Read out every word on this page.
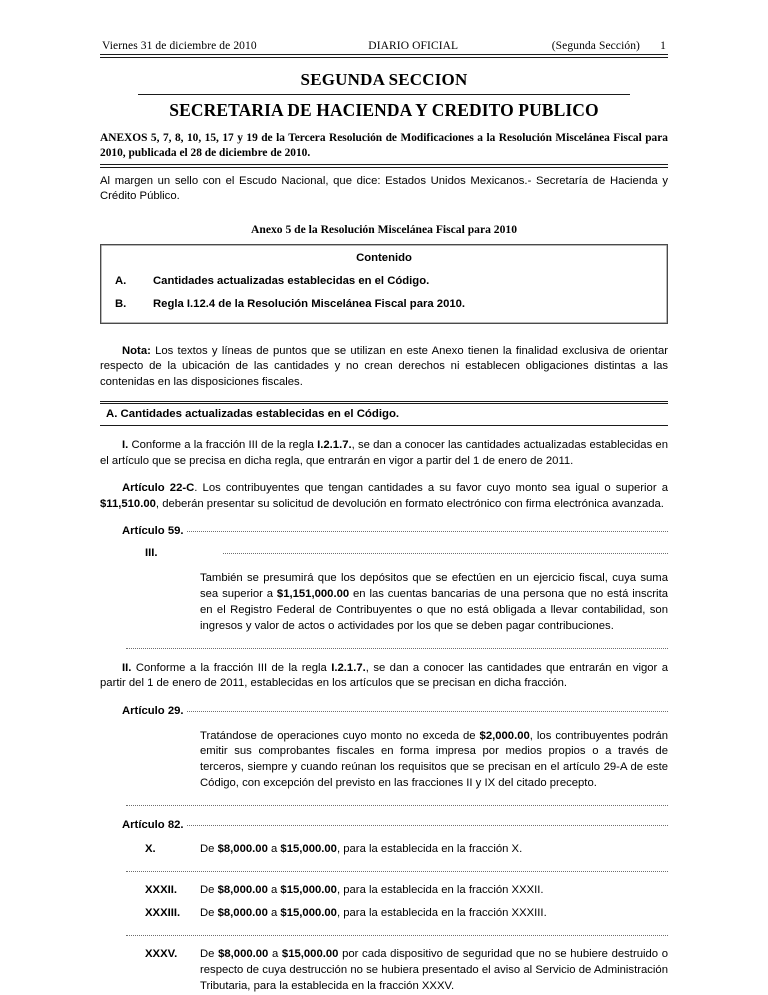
Viernes 31 de diciembre de 2010	DIARIO OFICIAL	(Segunda Sección)	1
SEGUNDA SECCION
SECRETARIA DE HACIENDA Y CREDITO PUBLICO
ANEXOS 5, 7, 8, 10, 15, 17 y 19 de la Tercera Resolución de Modificaciones a la Resolución Miscelánea Fiscal para 2010, publicada el 28 de diciembre de 2010.

Al margen un sello con el Escudo Nacional, que dice: Estados Unidos Mexicanos.- Secretaría de Hacienda y Crédito Público.

Anexo 5 de la Resolución Miscelánea Fiscal para 2010
Contenido
A.	Cantidades actualizadas establecidas en el Código.
B.	Regla I.12.4 de la Resolución Miscelánea Fiscal para 2010.

Nota: Los textos y líneas de puntos que se utilizan en este Anexo tienen la finalidad exclusiva de orientar respecto de la ubicación de las cantidades y no crean derechos ni establecen obligaciones distintas a las contenidas en las disposiciones fiscales.

A. Cantidades actualizadas establecidas en el Código.

I. Conforme a la fracción III de la regla I.2.1.7., se dan a conocer las cantidades actualizadas establecidas en el artículo que se precisa en dicha regla, que entrarán en vigor a partir del 1 de enero de 2011.

Artículo 22-C. Los contribuyentes que tengan cantidades a su favor cuyo monto sea igual o superior a $11,510.00, deberán presentar su solicitud de devolución en formato electrónico con firma electrónica avanzada.

Artículo 59.
III.
También se presumirá que los depósitos que se efectúen en un ejercicio fiscal, cuya suma sea superior a $1,151,000.00 en las cuentas bancarias de una persona que no está inscrita en el Registro Federal de Contribuyentes o que no está obligada a llevar contabilidad, son ingresos y valor de actos o actividades por los que se deben pagar contribuciones.

II. Conforme a la fracción III de la regla I.2.1.7., se dan a conocer las cantidades que entrarán en vigor a partir del 1 de enero de 2011, establecidas en los artículos que se precisan en dicha fracción.

Artículo 29.
Tratándose de operaciones cuyo monto no exceda de $2,000.00, los contribuyentes podrán emitir sus comprobantes fiscales en forma impresa por medios propios o a través de terceros, siempre y cuando reúnan los requisitos que se precisan en el artículo 29-A de este Código, con excepción del previsto en las fracciones II y IX del citado precepto.
Artículo 82.
X.	De $8,000.00 a $15,000.00, para la establecida en la fracción X.
XXXII.	De $8,000.00 a $15,000.00, para la establecida en la fracción XXXII.
XXXIII.	De $8,000.00 a $15,000.00, para la establecida en la fracción XXXIII.
XXXV.	De $8,000.00 a $15,000.00 por cada dispositivo de seguridad que no se hubiere destruido o respecto de cuya destrucción no se hubiera presentado el aviso al Servicio de Administración Tributaria, para la establecida en la fracción XXXV.
